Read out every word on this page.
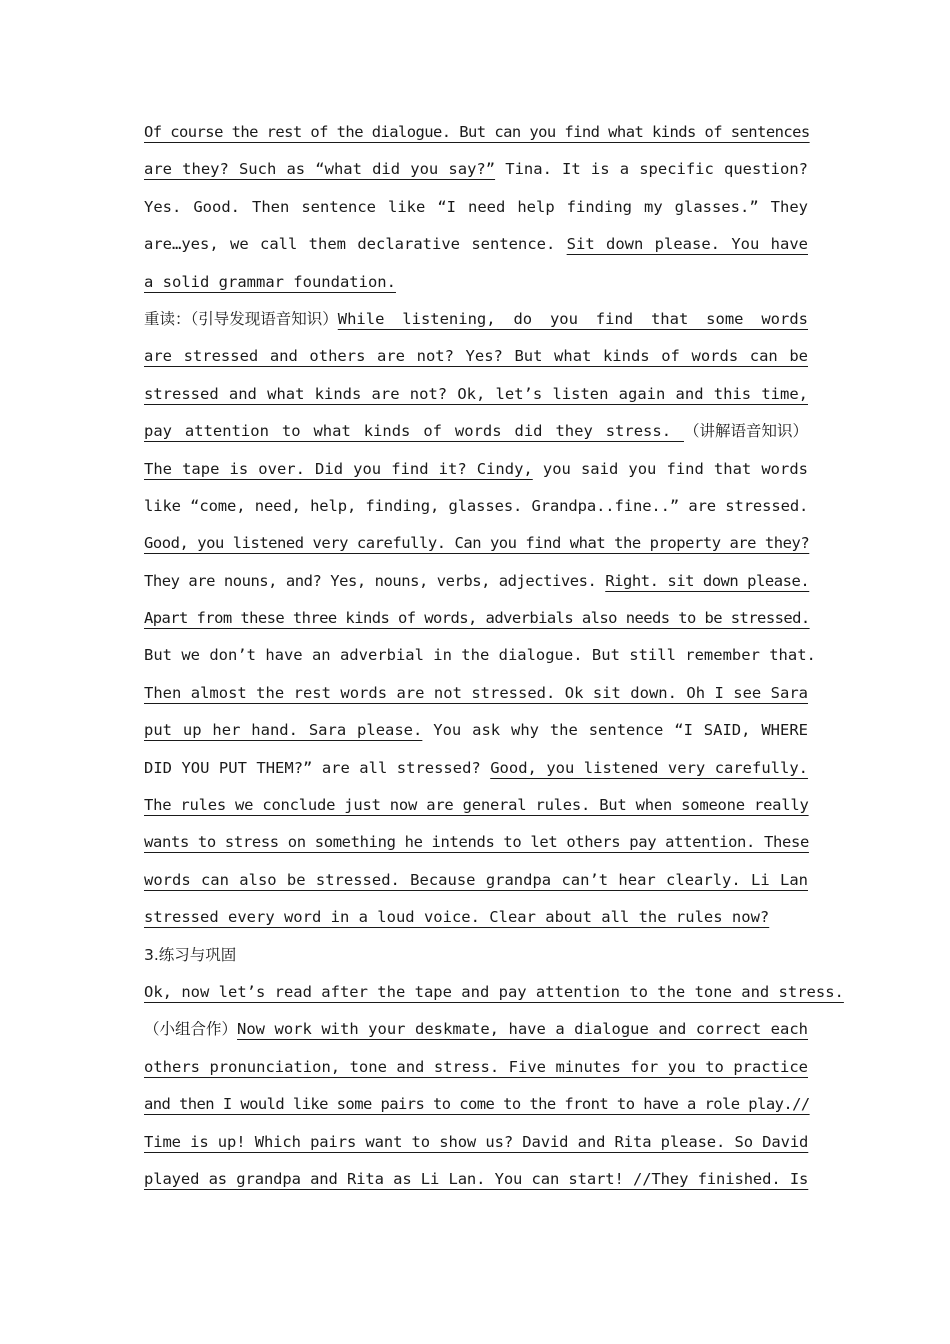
Of course the rest of the dialogue. But can you find what kinds of sentences
are they? Such as “what did you say?” Tina. It is a specific question?
Yes. Good. Then sentence like “I need help finding my glasses.” They
are…yes, we call them declarative sentence. Sit down please. You have
a solid grammar foundation.
重读：（引导发现语音知识）While listening, do you find that some words
are stressed and others are not? Yes? But what kinds of words can be
stressed and what kinds are not? Ok, let’s listen again and this time,
pay attention to what kinds of words did they stress. （讲解语音知识）
The tape is over. Did you find it? Cindy, you said you find that words
like “come, need, help, finding, glasses. Grandpa..fine..” are stressed.
Good, you listened very carefully. Can you find what the property are they?
They are nouns, and? Yes, nouns, verbs, adjectives. Right. sit down please.
Apart from these three kinds of words, adverbials also needs to be stressed.
But we don’t have an adverbial in the dialogue. But still remember that.
Then almost the rest words are not stressed. Ok sit down. Oh I see Sara
put up her hand. Sara please. You ask why the sentence “I SAID, WHERE
DID YOU PUT THEM?” are all stressed? Good, you listened very carefully.
The rules we conclude just now are general rules. But when someone really
wants to stress on something he intends to let others pay attention. These
words can also be stressed. Because grandpa can’t hear clearly. Li Lan
stressed every word in a loud voice. Clear about all the rules now?
3.练习与巩固
Ok, now let’s read after the tape and pay attention to the tone and stress.
（小组合作）Now work with your deskmate, have a dialogue and correct each
others pronunciation, tone and stress. Five minutes for you to practice
and then I would like some pairs to come to the front to have a role play.//
Time is up! Which pairs want to show us? David and Rita please. So David
played as grandpa and Rita as Li Lan. You can start! //They finished. Is
